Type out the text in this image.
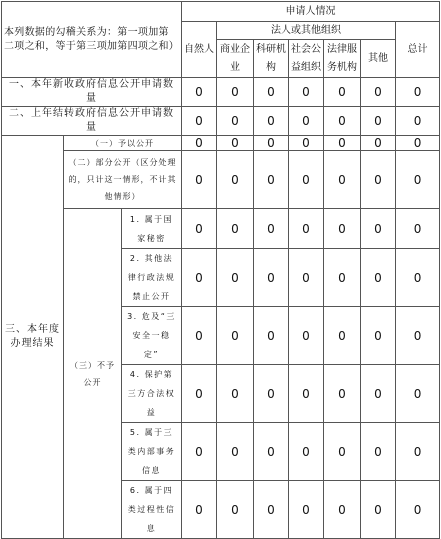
本列数据的勾稽关系为：第一项加第二项之和，等于第三项加第四项之和）			申请人情况						
			自然人	法人或其他组织					总计
				商业企业	科研机构	社会公益组织	法律服务机构	其他	
一、本年新收政府信息公开申请数量			0	0	0	0	0	0	0
二、上年结转政府信息公开申请数量			0	0	0	0	0	0	0
三、本年度办理结果	（一）予以公开		0	0	0	0	0	0	0
	（二）部分公开（区分处理的，只计这一情形，不计其他情形）		0	0	0	0	0	0	0
	（三）不予公开	1. 属于国家秘密	0	0	0	0	0	0	0
		2. 其他法律行政法规禁止公开	0	0	0	0	0	0	0
		3. 危及“三安全一稳定”	0	0	0	0	0	0	0
		4. 保护第三方合法权益	0	0	0	0	0	0	0
		5. 属于三类内部事务信息	0	0	0	0	0	0	0
		6. 属于四类过程性信息	0	0	0	0	0	0	0
